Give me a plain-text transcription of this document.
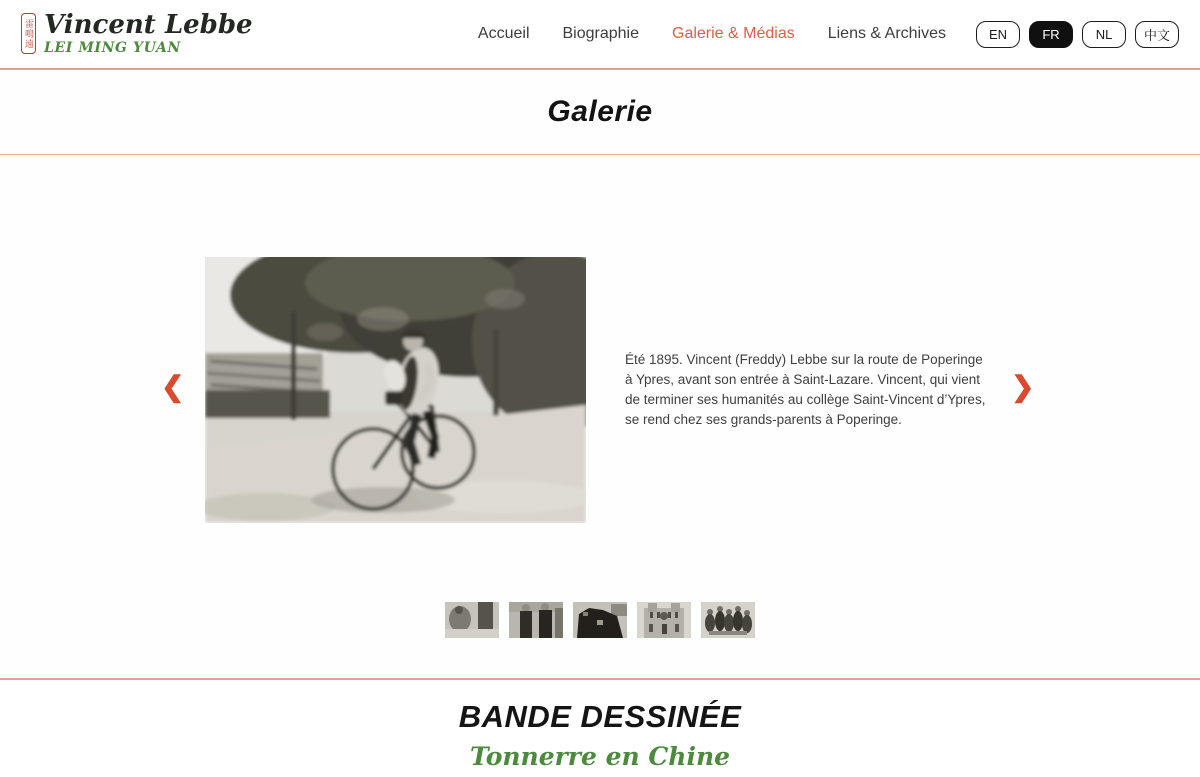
雷鳴遠 Vincent Lebbe
LEI MING YUAN
Accueil Biographie Galerie & Médias Liens & Archives	EN	FR	NL	中文
Galerie
❮

Été 1895. Vincent (Freddy) Lebbe sur la route de Poperinge à Ypres, avant son entrée à Saint-Lazare. Vincent, qui vient de terminer ses humanités au collège Saint-Vincent d’Ypres, se rend chez ses grands-parents à Poperinge.

❯
BANDE DESSINÉE
Tonnerre en Chine
